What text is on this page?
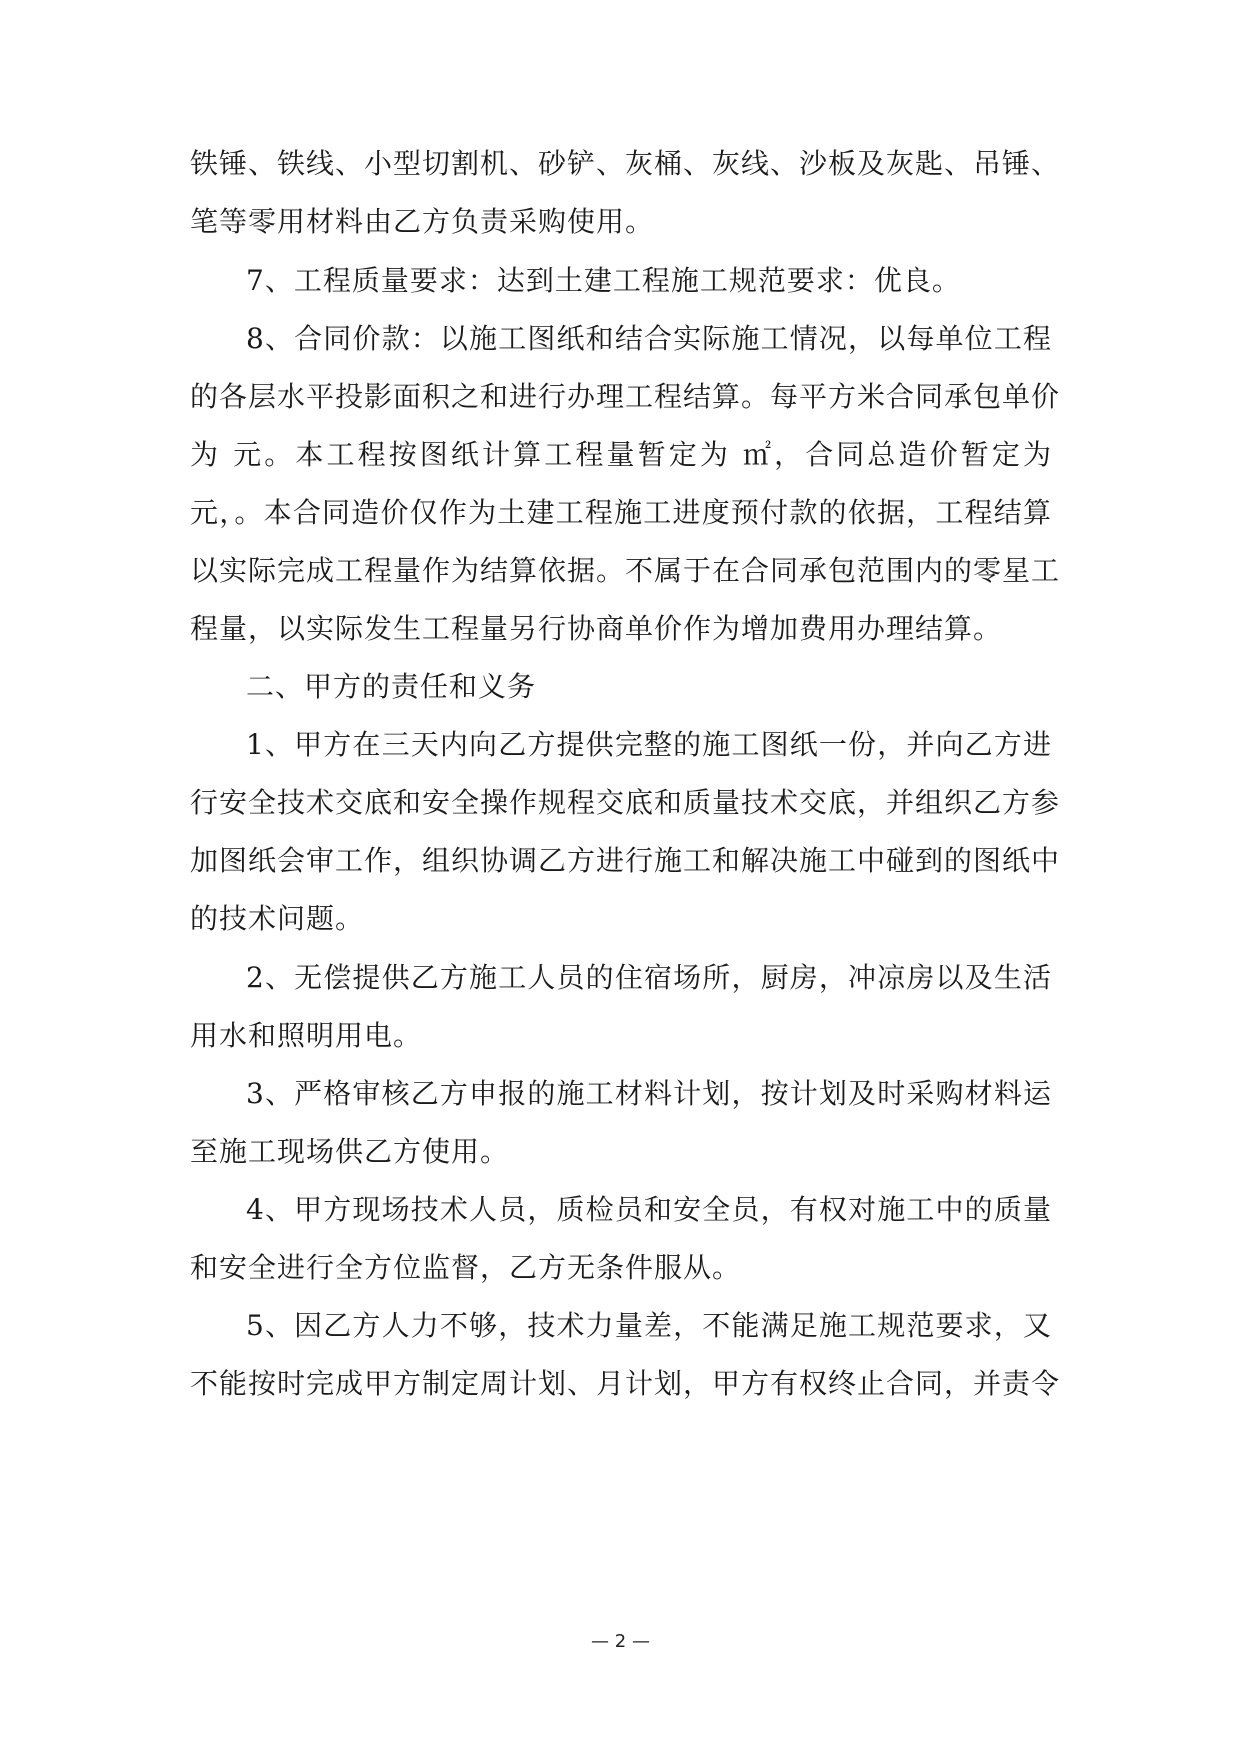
铁锤、铁线、小型切割机、砂铲、灰桶、灰线、沙板及灰匙、吊锤、
笔等零用材料由乙方负责采购使用。
7、工程质量要求：达到土建工程施工规范要求：优良。
8、合同价款：以施工图纸和结合实际施工情况，以每单位工程
的各层水平投影面积之和进行办理工程结算。每平方米合同承包单价
为 元。本工程按图纸计算工程量暂定为 ㎡，合同总造价暂定为
元，。本合同造价仅作为土建工程施工进度预付款的依据，工程结算
以实际完成工程量作为结算依据。不属于在合同承包范围内的零星工
程量，以实际发生工程量另行协商单价作为增加费用办理结算。
二、甲方的责任和义务
1、甲方在三天内向乙方提供完整的施工图纸一份，并向乙方进
行安全技术交底和安全操作规程交底和质量技术交底，并组织乙方参
加图纸会审工作，组织协调乙方进行施工和解决施工中碰到的图纸中
的技术问题。
2、无偿提供乙方施工人员的住宿场所，厨房，冲凉房以及生活
用水和照明用电。
3、严格审核乙方申报的施工材料计划，按计划及时采购材料运
至施工现场供乙方使用。
4、甲方现场技术人员，质检员和安全员，有权对施工中的质量
和安全进行全方位监督，乙方无条件服从。
5、因乙方人力不够，技术力量差，不能满足施工规范要求，又
不能按时完成甲方制定周计划、月计划，甲方有权终止合同，并责令
— 2 —
